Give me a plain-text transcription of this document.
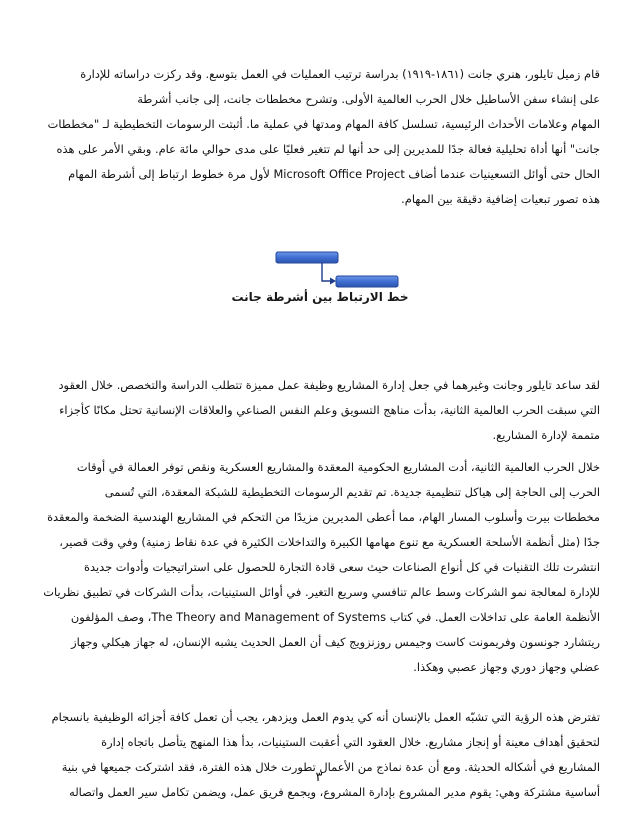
قام زميل تايلور، هنري جانت (١٨٦١-١٩١٩) بدراسة ترتيب العمليات في العمل بتوسع. وقد ركزت دراساته للإدارة
على إنشاء سفن الأساطيل خلال الحرب العالمية الأولى. وتشرح مخططات جانت، إلى جانب أشرطة
المهام وعلامات الأحداث الرئيسية، تسلسل كافة المهام ومدتها في عملية ما. أثبتت الرسومات التخطيطية لـ "مخططات
جانت" أنها أداة تحليلية فعالة جدًا للمديرين إلى حد أنها لم تتغير فعليًا على مدى حوالي مائة عام. وبقي الأمر على هذه
الحال حتى أوائل التسعينيات عندما أضاف Microsoft Office Project لأول مرة خطوط ارتباط إلى أشرطة المهام
هذه تصور تبعيات إضافية دقيقة بين المهام.
خط الارتباط بين أشرطة جانت
لقد ساعد تايلور وجانت وغيرهما في جعل إدارة المشاريع وظيفة عمل مميزة تتطلب الدراسة والتخصص. خلال العقود
التي سبقت الحرب العالمية الثانية، بدأت مناهج التسويق وعلم النفس الصناعي والعلاقات الإنسانية تحتل مكانًا كأجزاء
متممة لإدارة المشاريع.
خلال الحرب العالمية الثانية، أدت المشاريع الحكومية المعقدة والمشاريع العسكرية ونقص توفر العمالة في أوقات
الحرب إلى الحاجة إلى هياكل تنظيمية جديدة. تم تقديم الرسومات التخطيطية للشبكة المعقدة، التي تُسمى
مخططات بيرت وأسلوب المسار الهام، مما أعطى المديرين مزيدًا من التحكم في المشاريع الهندسية الضخمة والمعقدة
جدًا (مثل أنظمة الأسلحة العسكرية مع تنوع مهامها الكبيرة والتداخلات الكثيرة في عدة نقاط زمنية) وفي وقت قصير،
انتشرت تلك التقنيات في كل أنواع الصناعات حيث سعى قادة التجارة للحصول على استراتيجيات وأدوات جديدة
للإدارة لمعالجة نمو الشركات وسط عالم تنافسي وسريع التغير. في أوائل الستينيات، بدأت الشركات في تطبيق نظريات
الأنظمة العامة على تداخلات العمل. في كتاب The Theory and Management of Systems، وصف المؤلفون
ريتشارد جونسون وفريمونت كاست وجيمس روزنزويج كيف أن العمل الحديث يشبه الإنسان، له جهاز هيكلي وجهاز
عضلي وجهاز دوري وجهاز عصبي وهكذا.
تفترض هذه الرؤية التي تشبّه العمل بالإنسان أنه كي يدوم العمل ويزدهر، يجب أن تعمل كافة أجزائه الوظيفية بانسجام
لتحقيق أهداف معينة أو إنجاز مشاريع. خلال العقود التي أعقبت الستينيات، بدأ هذا المنهج يتأصل باتجاه إدارة
المشاريع في أشكاله الحديثة. ومع أن عدة نماذج من الأعمال تطورت خلال هذه الفترة، فقد اشتركت جميعها في بنية
أساسية مشتركة وهي: يقوم مدير المشروع بإدارة المشروع، ويجمع فريق عمل، ويضمن تكامل سير العمل واتصاله
٣
